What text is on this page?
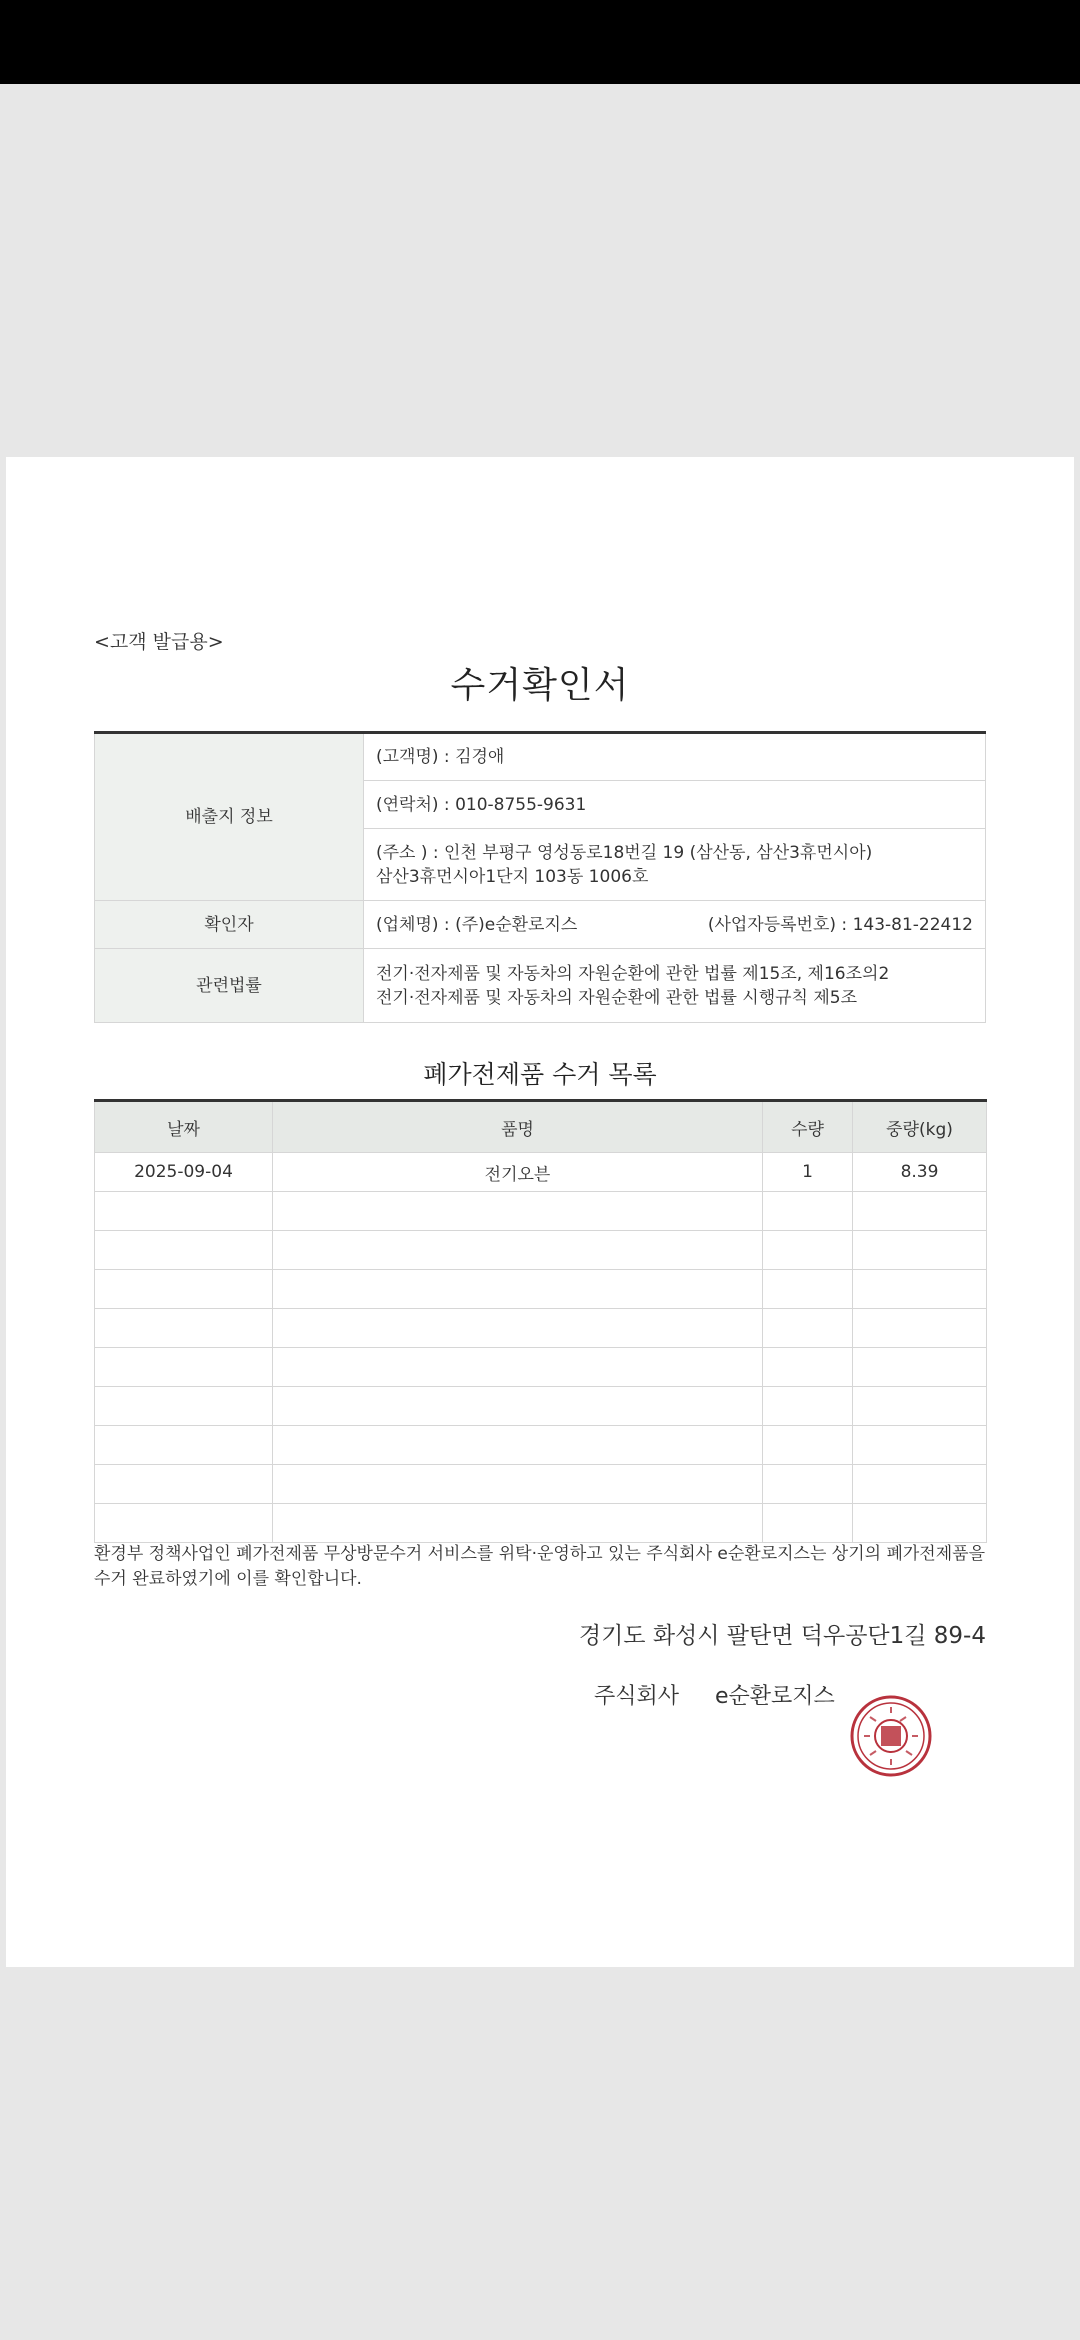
<고객 발급용>
수거확인서
배출지 정보	(고객명) : 김경애
	(연락처) : 010-8755-9631

	(주소 ) : 인천 부평구 영성동로18번길 19 (삼산동, 삼산3휴먼시아)
삼산3휴먼시아1단지 103동 1006호

확인자	(업체명) : (주)e순환로지스 (사업자등록번호) : 143-81-22412

관련법률	전기·전자제품 및 자동차의 자원순환에 관한 법률 제15조, 제16조의2
전기·전자제품 및 자동차의 자원순환에 관한 법률 시행규칙 제5조
폐가전제품 수거 목록
날짜	품명	수량	중량(kg)
2025-09-04	전기오븐	1	8.39

환경부 정책사업인 폐가전제품 무상방문수거 서비스를 위탁·운영하고 있는 주식회사 e순환로지스는 상기의 폐가전제품을 수거 완료하였기에 이를 확인합니다.
경기도 화성시 팔탄면 덕우공단1길 89-4
주식회사 e순환로지스
